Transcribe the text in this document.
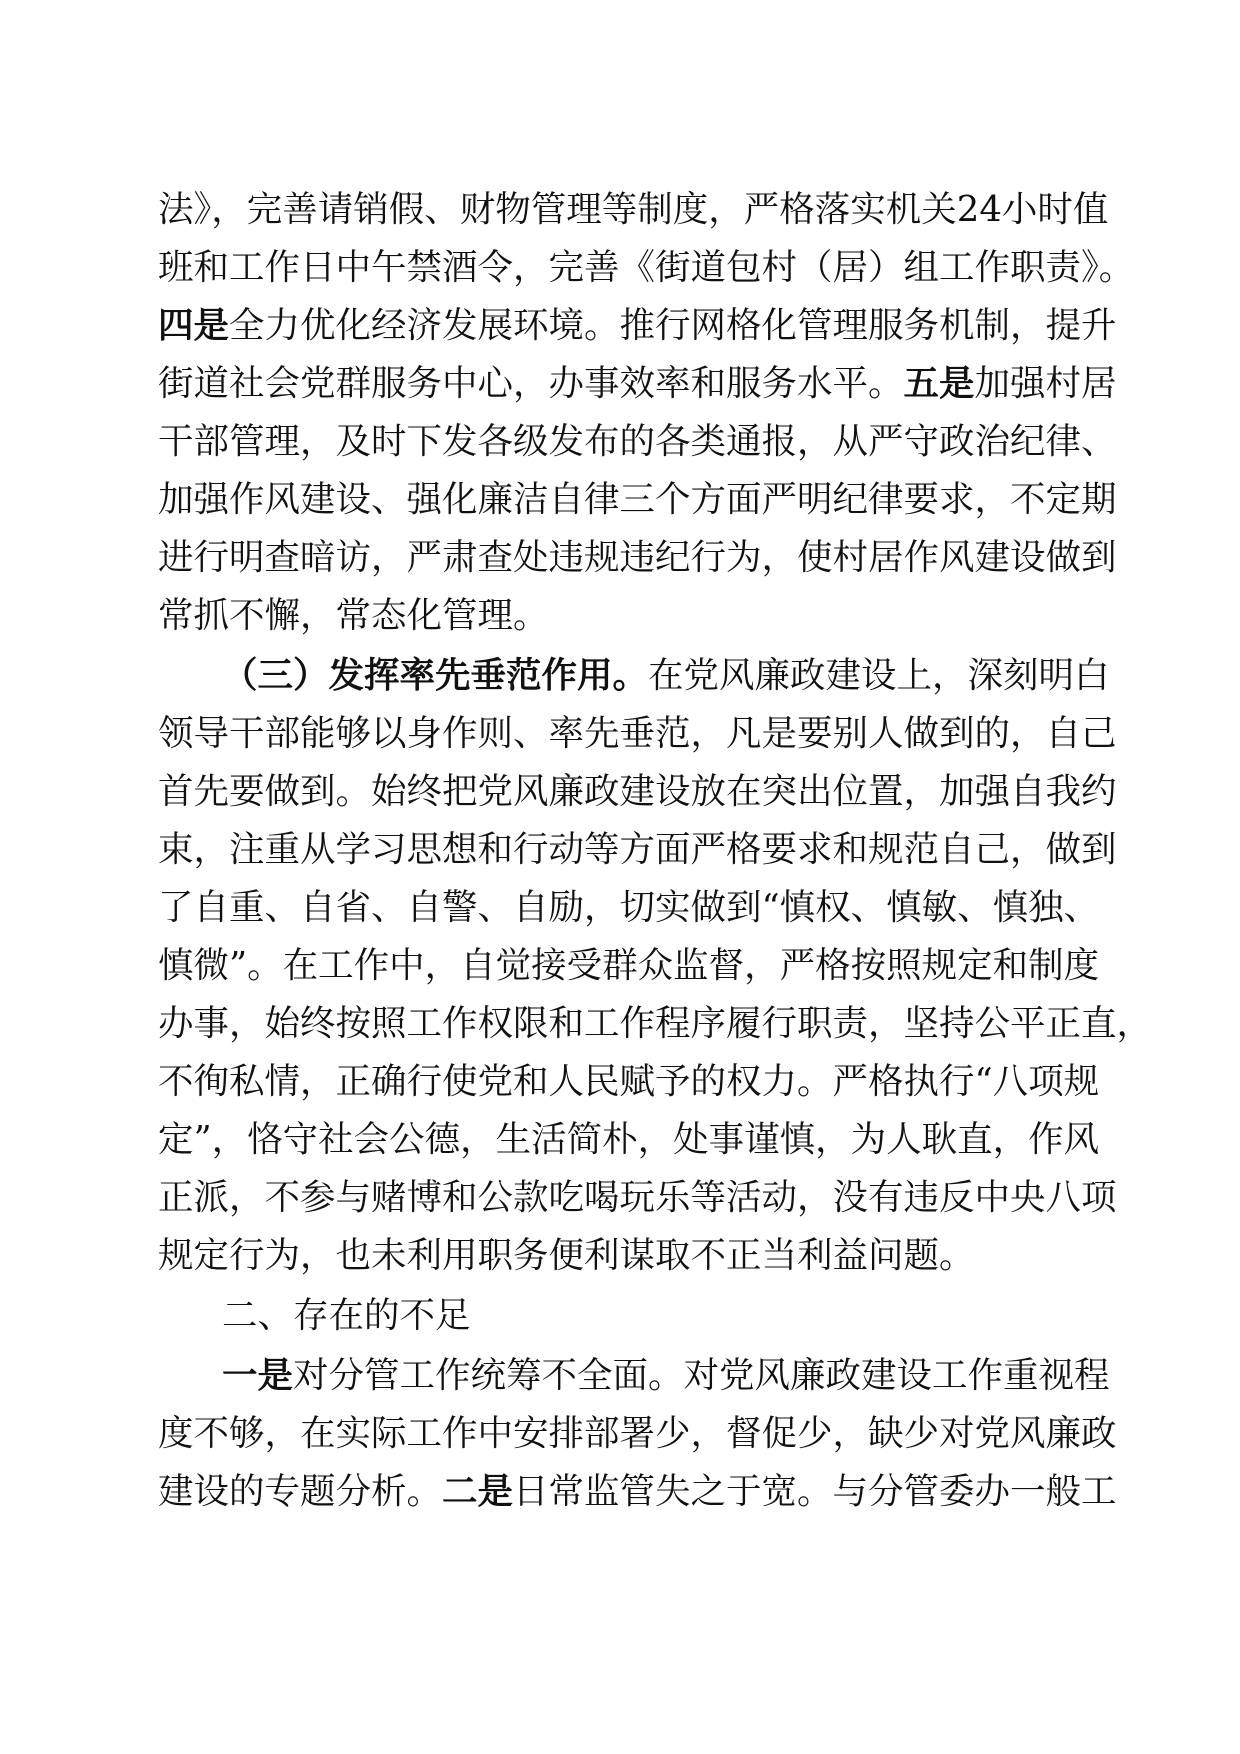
法》，完善请销假、财物管理等制度，严格落实机关24小时值
班和工作日中午禁酒令，完善《街道包村（居）组工作职责》。
四是全力优化经济发展环境。推行网格化管理服务机制，提升
街道社会党群服务中心，办事效率和服务水平。五是加强村居
干部管理，及时下发各级发布的各类通报，从严守政治纪律、
加强作风建设、强化廉洁自律三个方面严明纪律要求，不定期
进行明查暗访，严肃查处违规违纪行为，使村居作风建设做到
常抓不懈，常态化管理。
（三）发挥率先垂范作用。在党风廉政建设上，深刻明白
领导干部能够以身作则、率先垂范，凡是要别人做到的，自己
首先要做到。始终把党风廉政建设放在突出位置，加强自我约
束，注重从学习思想和行动等方面严格要求和规范自己，做到
了自重、自省、自警、自励，切实做到“慎权、慎敏、慎独、
慎微”。在工作中，自觉接受群众监督，严格按照规定和制度
办事，始终按照工作权限和工作程序履行职责，坚持公平正直，
不徇私情，正确行使党和人民赋予的权力。严格执行“八项规
定”，恪守社会公德，生活简朴，处事谨慎，为人耿直，作风
正派，不参与赌博和公款吃喝玩乐等活动，没有违反中央八项
规定行为，也未利用职务便利谋取不正当利益问题。
二、存在的不足
一是对分管工作统筹不全面。对党风廉政建设工作重视程
度不够，在实际工作中安排部署少，督促少，缺少对党风廉政
建设的专题分析。二是日常监管失之于宽。与分管委办一般工
